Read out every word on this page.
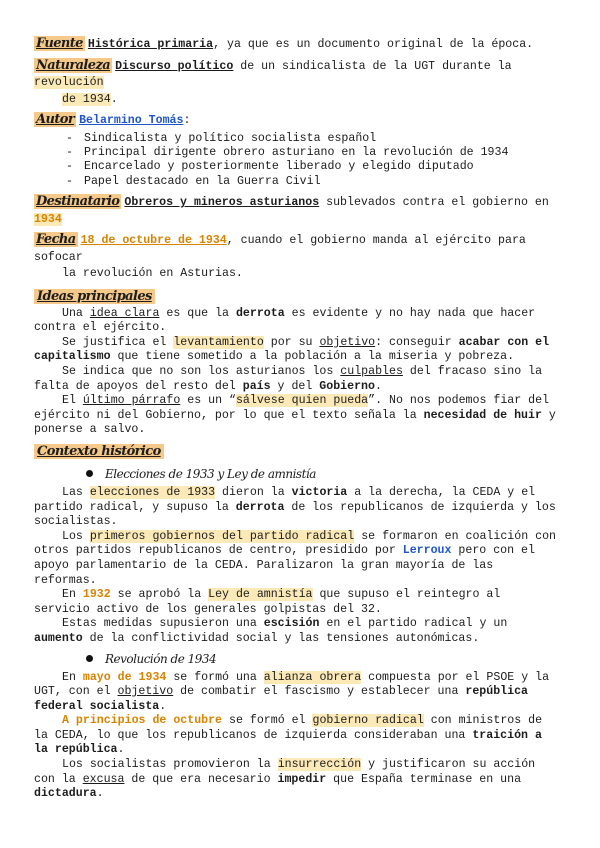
Fuente Histórica primaria, ya que es un documento original de la época.

Naturaleza Discurso político de un sindicalista de la UGT durante la revolución

de 1934.

Autor Belarmino Tomás:

- Sindicalista y político socialista español
- Principal dirigente obrero asturiano en la revolución de 1934
- Encarcelado y posteriormente liberado y elegido diputado
- Papel destacado en la Guerra Civil

Destinatario Obreros y mineros asturianos sublevados contra el gobierno en 1934

Fecha 18 de octubre de 1934, cuando el gobierno manda al ejército para sofocar

la revolución en Asturias.

Ideas principales

Una idea clara es que la derrota es evidente y no hay nada que hacer contra el ejército.

Se justifica el levantamiento por su objetivo: conseguir acabar con el capitalismo que tiene sometido a la población a la miseria y pobreza.

Se indica que no son los asturianos los culpables del fracaso sino la falta de apoyos del resto del país y del Gobierno.

El último párrafo es un “sálvese quien pueda”. No nos podemos fiar del ejército ni del Gobierno, por lo que el texto señala la necesidad de huir y ponerse a salvo.

Contexto histórico
Elecciones de 1933 y Ley de amnistía

Las elecciones de 1933 dieron la victoria a la derecha, la CEDA y el partido radical, y supuso la derrota de los republicanos de izquierda y los socialistas.

Los primeros gobiernos del partido radical se formaron en coalición con otros partidos republicanos de centro, presidido por Lerroux pero con el apoyo parlamentario de la CEDA. Paralizaron la gran mayoría de las reformas.

En 1932 se aprobó la Ley de amnistía que supuso el reintegro al servicio activo de los generales golpistas del 32.

Estas medidas supusieron una escisión en el partido radical y un aumento de la conflictividad social y las tensiones autonómicas.

Revolución de 1934

En mayo de 1934 se formó una alianza obrera compuesta por el PSOE y la UGT, con el objetivo de combatir el fascismo y establecer una república federal socialista.

A principios de octubre se formó el gobierno radical con ministros de la CEDA, lo que los republicanos de izquierda consideraban una traición a la república.

Los socialistas promovieron la insurrección y justificaron su acción con la excusa de que era necesario impedir que España terminase en una dictadura.
